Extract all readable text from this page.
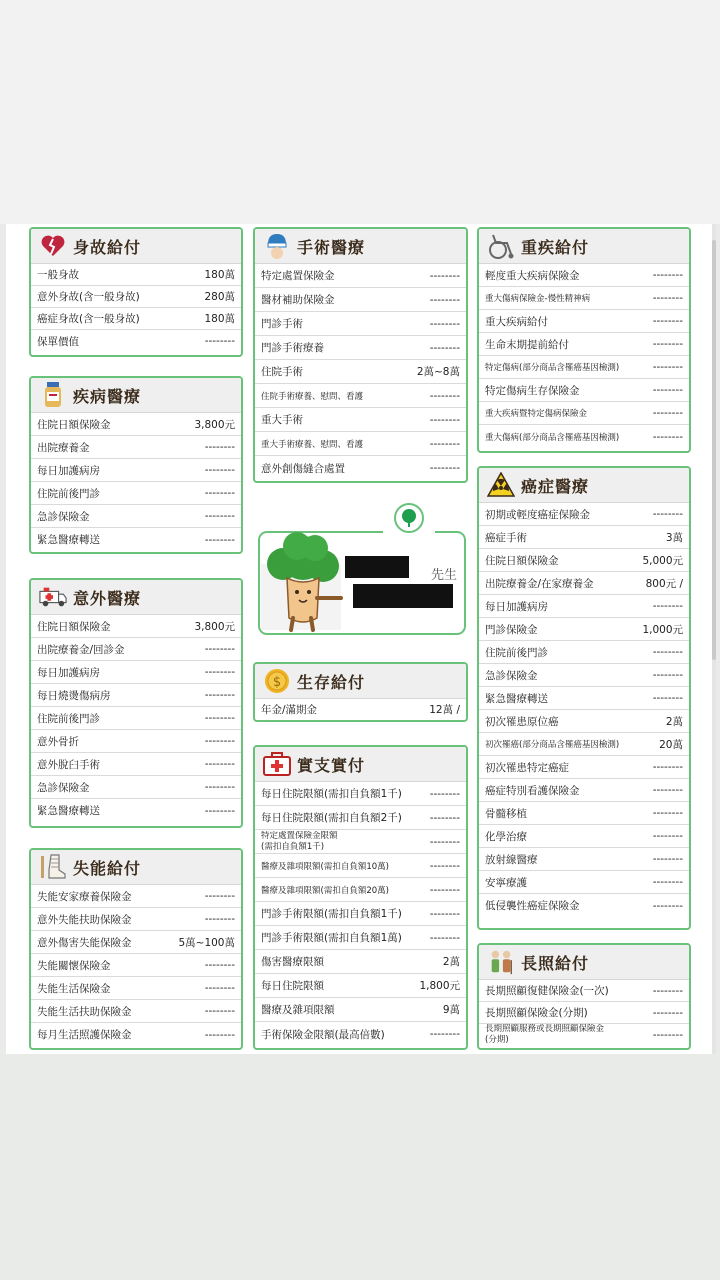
身故給付
一般身故	180萬
意外身故(含一般身故)	280萬
癌症身故(含一般身故)	180萬
保單價值	--------
疾病醫療
住院日額保險金	3,800元
出院療養金	--------
每日加護病房	--------
住院前後門診	--------
急診保險金	--------
緊急醫療轉送	--------
意外醫療
住院日額保險金	3,800元
出院療養金/回診金	--------
每日加護病房	--------
每日燒燙傷病房	--------
住院前後門診	--------
意外骨折	--------
意外脫臼手術	--------
急診保險金	--------
緊急醫療轉送	--------
失能給付
失能安家療養保險金	--------
意外失能扶助保險金	--------
意外傷害失能保險金	5萬~100萬
失能關懷保險金	--------
失能生活保險金	--------
失能生活扶助保險金	--------
每月生活照護保險金	--------
手術醫療
特定處置保險金	--------
醫材補助保險金	--------
門診手術	--------
門診手術療養	--------
住院手術	2萬~8萬
住院手術療養、慰問、看護	--------
重大手術	--------
重大手術療養、慰問、看護	--------
意外創傷縫合處置	--------
$ 生存給付
年金/滿期金	12萬 /
實支實付
每日住院限額(需扣自負額1千)	--------
每日住院限額(需扣自負額2千)	--------
特定處置保險金限額
(需扣自負額1千)	--------
醫療及雜項限額(需扣自負額10萬)	--------
醫療及雜項限額(需扣自負額20萬)	--------
門診手術限額(需扣自負額1千)	--------
門診手術限額(需扣自負額1萬)	--------
傷害醫療限額	2萬
每日住院限額	1,800元
醫療及雜項限額	9萬
手術保險金限額(最高倍數)	--------
重疾給付
輕度重大疾病保險金	--------
重大傷病保險金-慢性精神病	--------
重大疾病給付	--------
生命末期提前給付	--------
特定傷病(部分商品含罹癌基因檢測)	--------
特定傷病生存保險金	--------
重大疾病暨特定傷病保險金	--------
重大傷病(部分商品含罹癌基因檢測)	--------
癌症醫療
初期或輕度癌症保險金	--------
癌症手術	3萬
住院日額保險金	5,000元
出院療養金/在家療養金	800元 /
每日加護病房	--------
門診保險金	1,000元
住院前後門診	--------
急診保險金	--------
緊急醫療轉送	--------
初次罹患原位癌	2萬
初次罹癌(部分商品含罹癌基因檢測)	20萬
初次罹患特定癌症	--------
癌症特別看護保險金	--------
骨髓移植	--------
化學治療	--------
放射線醫療	--------
安寧療護	--------
低侵襲性癌症保險金	--------
長照給付
長期照顧復健保險金(一次)	--------
長期照顧保險金(分期)	--------
長期照顧服務或長期照顧保險金
(分期)	--------
先生
